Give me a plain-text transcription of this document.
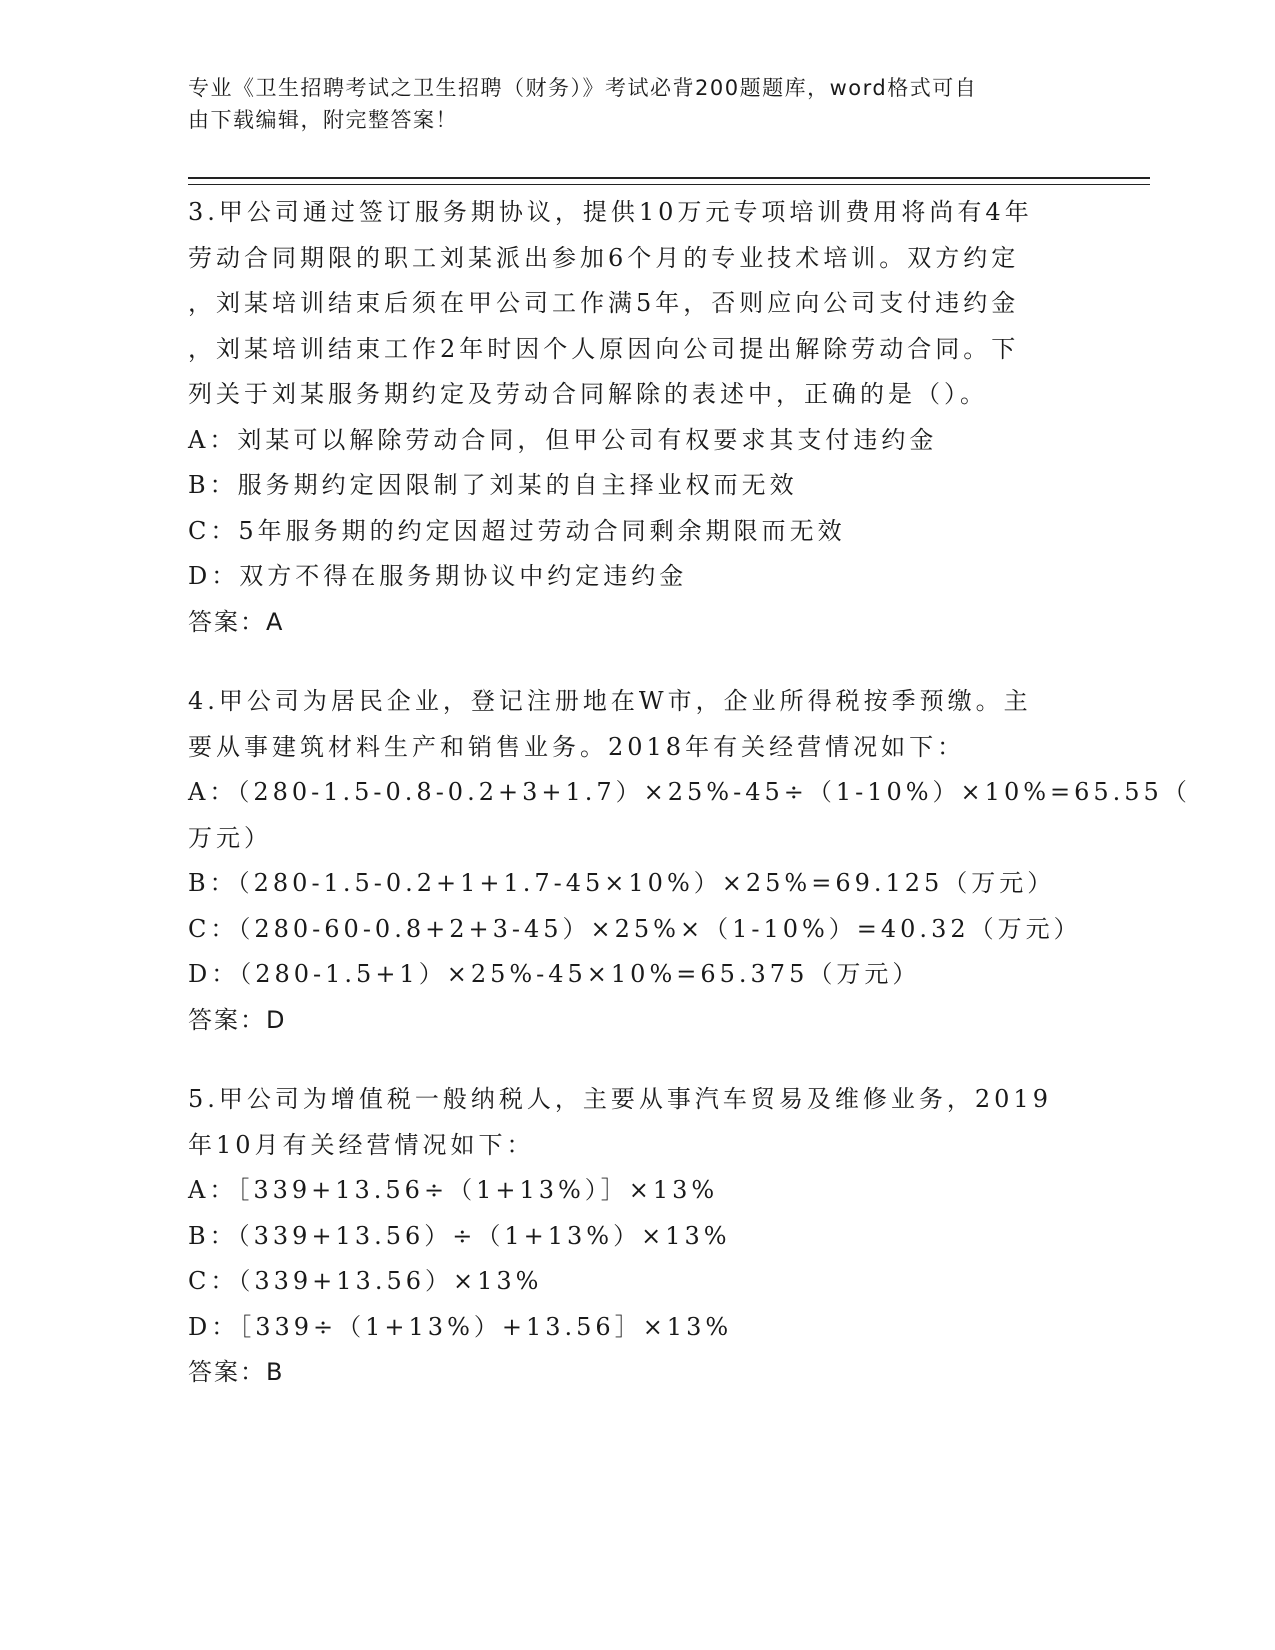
专业《卫生招聘考试之卫生招聘（财务）》考试必背200题题库，word格式可自
由下载编辑，附完整答案！
3.甲公司通过签订服务期协议，提供10万元专项培训费用将尚有4年
劳动合同期限的职工刘某派出参加6个月的专业技术培训。双方约定
，刘某培训结束后须在甲公司工作满5年，否则应向公司支付违约金
，刘某培训结束工作2年时因个人原因向公司提出解除劳动合同。下
列关于刘某服务期约定及劳动合同解除的表述中，正确的是（）。
A：刘某可以解除劳动合同，但甲公司有权要求其支付违约金
B：服务期约定因限制了刘某的自主择业权而无效
C：5年服务期的约定因超过劳动合同剩余期限而无效
D：双方不得在服务期协议中约定违约金
答案：A
4.甲公司为居民企业，登记注册地在W市，企业所得税按季预缴。主
要从事建筑材料生产和销售业务。2018年有关经营情况如下：
A：（280-1.5-0.8-0.2+3+1.7）×25%-45÷（1-10%）×10%=65.55（
万元）
B：（280-1.5-0.2+1+1.7-45×10%）×25%=69.125（万元）
C：（280-60-0.8+2+3-45）×25%×（1-10%）=40.32（万元）
D：（280-1.5+1）×25%-45×10%=65.375（万元）
答案：D
5.甲公司为增值税一般纳税人，主要从事汽车贸易及维修业务，2019
年10月有关经营情况如下：
A：［339+13.56÷（1+13%）］×13%
B：（339+13.56）÷（1+13%）×13%
C：（339+13.56）×13%
D：［339÷（1+13%）+13.56］×13%
答案：B
